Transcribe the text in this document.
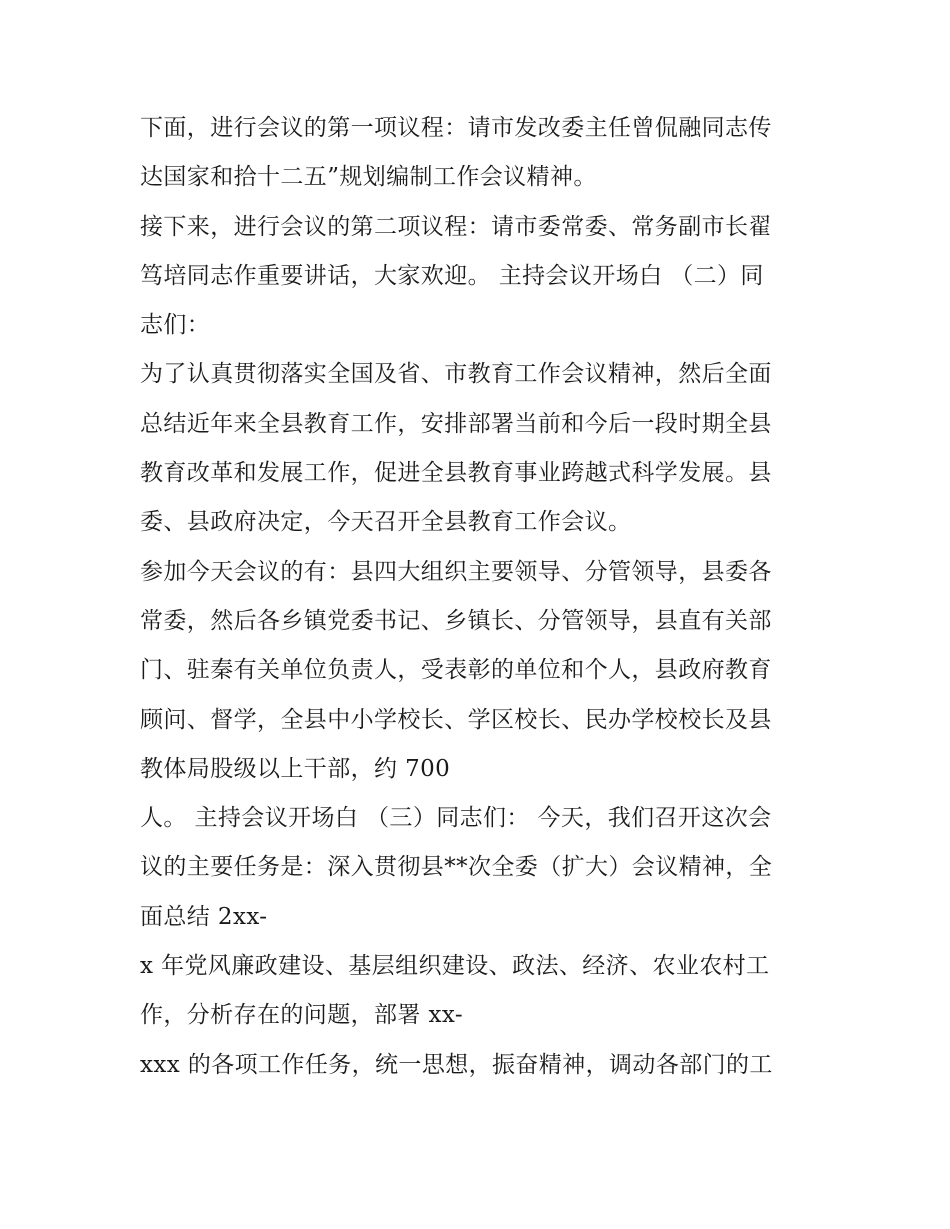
下面，进行会议的第一项议程：请市发改委主任曾侃融同志传
达国家和拾十二五”规划编制工作会议精神。
接下来，进行会议的第二项议程：请市委常委、常务副市长翟
笃培同志作重要讲话，大家欢迎。 主持会议开场白 （二）同
志们：
为了认真贯彻落实全国及省、市教育工作会议精神，然后全面
总结近年来全县教育工作，安排部署当前和今后一段时期全县
教育改革和发展工作，促进全县教育事业跨越式科学发展。县
委、县政府决定，今天召开全县教育工作会议。
参加今天会议的有：县四大组织主要领导、分管领导，县委各
常委，然后各乡镇党委书记、乡镇长、分管领导，县直有关部
门、驻秦有关单位负责人，受表彰的单位和个人，县政府教育
顾问、督学，全县中小学校长、学区校长、民办学校校长及县
教体局股级以上干部，约 700
人。 主持会议开场白 （三）同志们： 今天，我们召开这次会
议的主要任务是：深入贯彻县**次全委（扩大）会议精神，全
面总结 2xx-
x 年党风廉政建设、基层组织建设、政法、经济、农业农村工
作，分析存在的问题，部署 xx-
xxx 的各项工作任务，统一思想，振奋精神，调动各部门的工
